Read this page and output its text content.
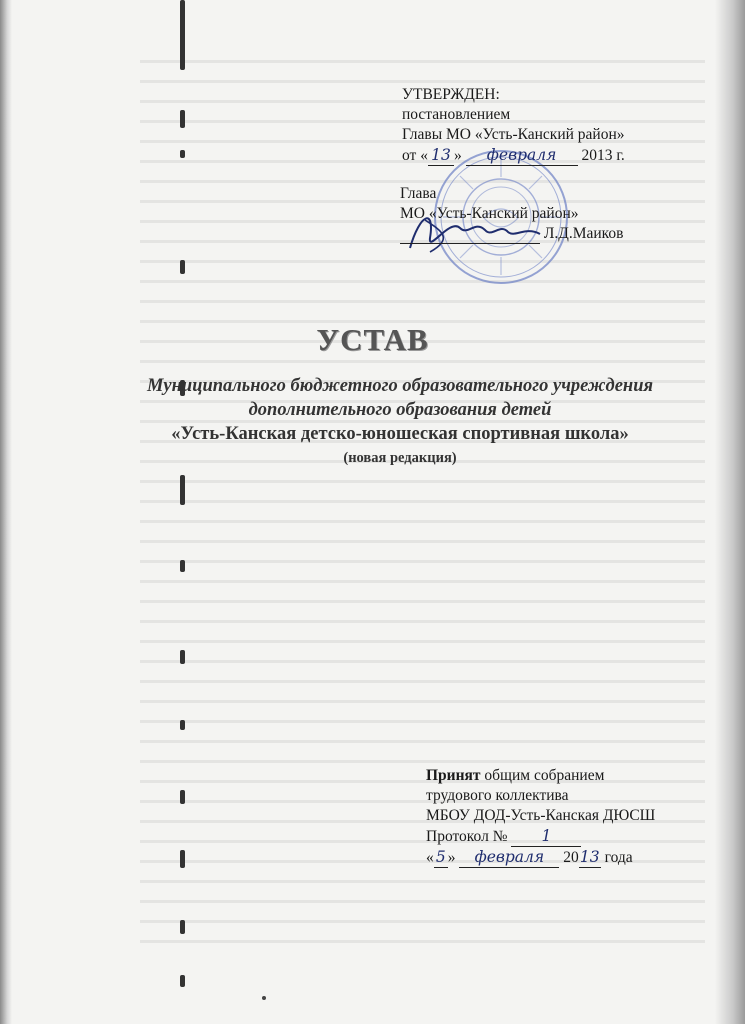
УТВЕРЖДЕН:
постановлением
Главы МО «Усть-Канский район»
от « 13 » февраля 2013 г.
Глава
МО «Усть-Канский район»
Л.Д.Маиков
УСТАВ
Муниципального бюджетного образовательного учреждения
дополнительного образования детей
«Усть-Канская детско-юношеская спортивная школа»
(новая редакция)
Принят общим собранием
трудового коллектива
МБОУ ДОД-Усть-Канская ДЮСШ
Протокол № 1
« 5 » февраля 2013 года
